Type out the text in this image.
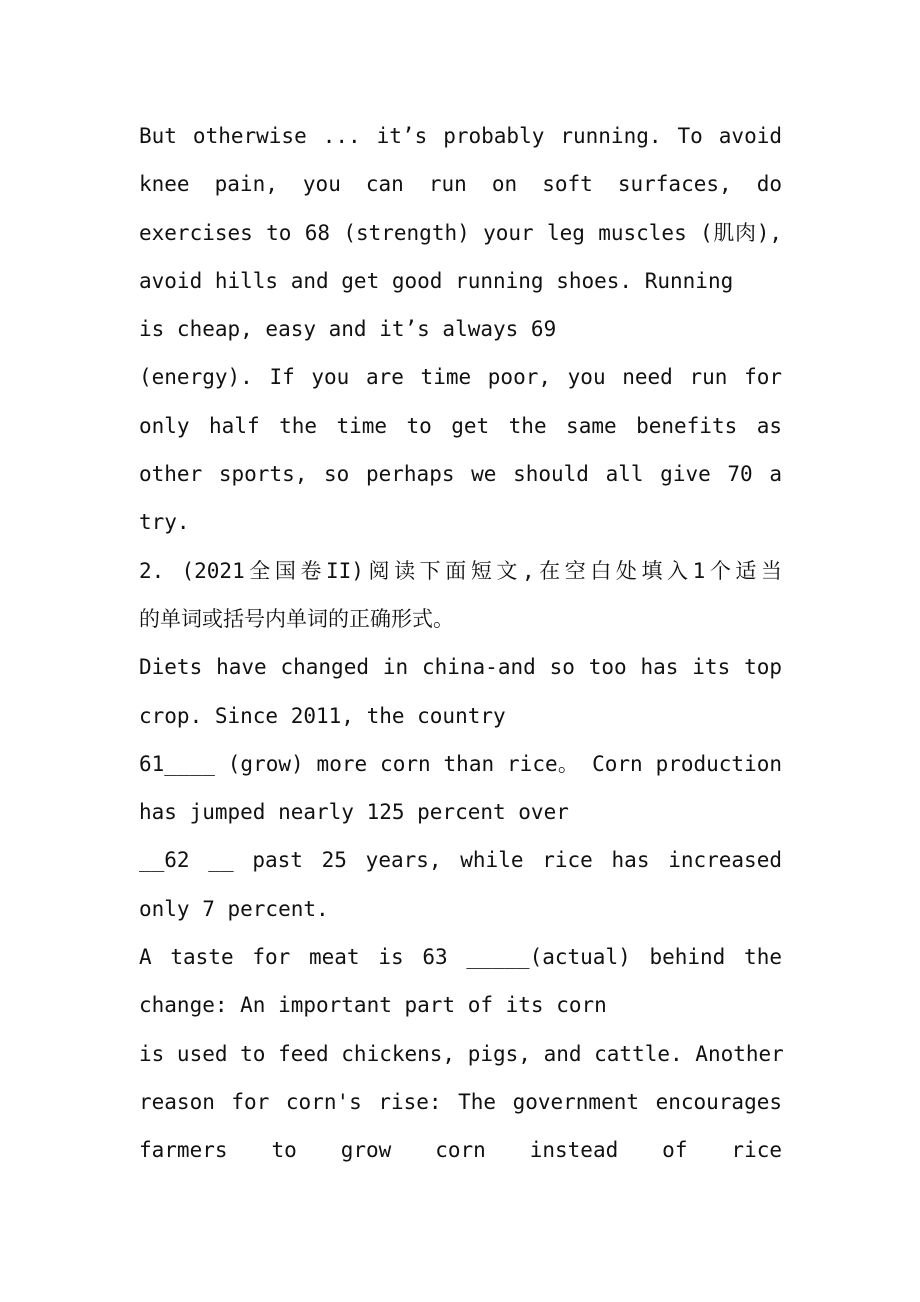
But otherwise ... it’s probably running. To avoid
knee pain, you can run on soft surfaces, do
exercises to 68 (strength) your leg muscles (肌肉),
avoid hills and get good running shoes. Running
is cheap, easy and it’s always 69
(energy). If you are time poor, you need run for
only half the time to get the same benefits as
other sports, so perhaps we should all give 70 a
try.
2. (2021全国卷II)阅读下面短文,在空白处填入1个适当
的单词或括号内单词的正确形式。
Diets have changed in china-and so too has its top
crop. Since 2011, the country
61____ (grow) more corn than rice。 Corn production
has jumped nearly 125 percent over
__62 __ past 25 years, while rice has increased
only 7 percent.
A taste for meat is 63 _____(actual) behind the
change: An important part of its corn
is used to feed chickens, pigs, and cattle. Another
reason for corn's rise: The government encourages
farmers to grow corn instead of rice
